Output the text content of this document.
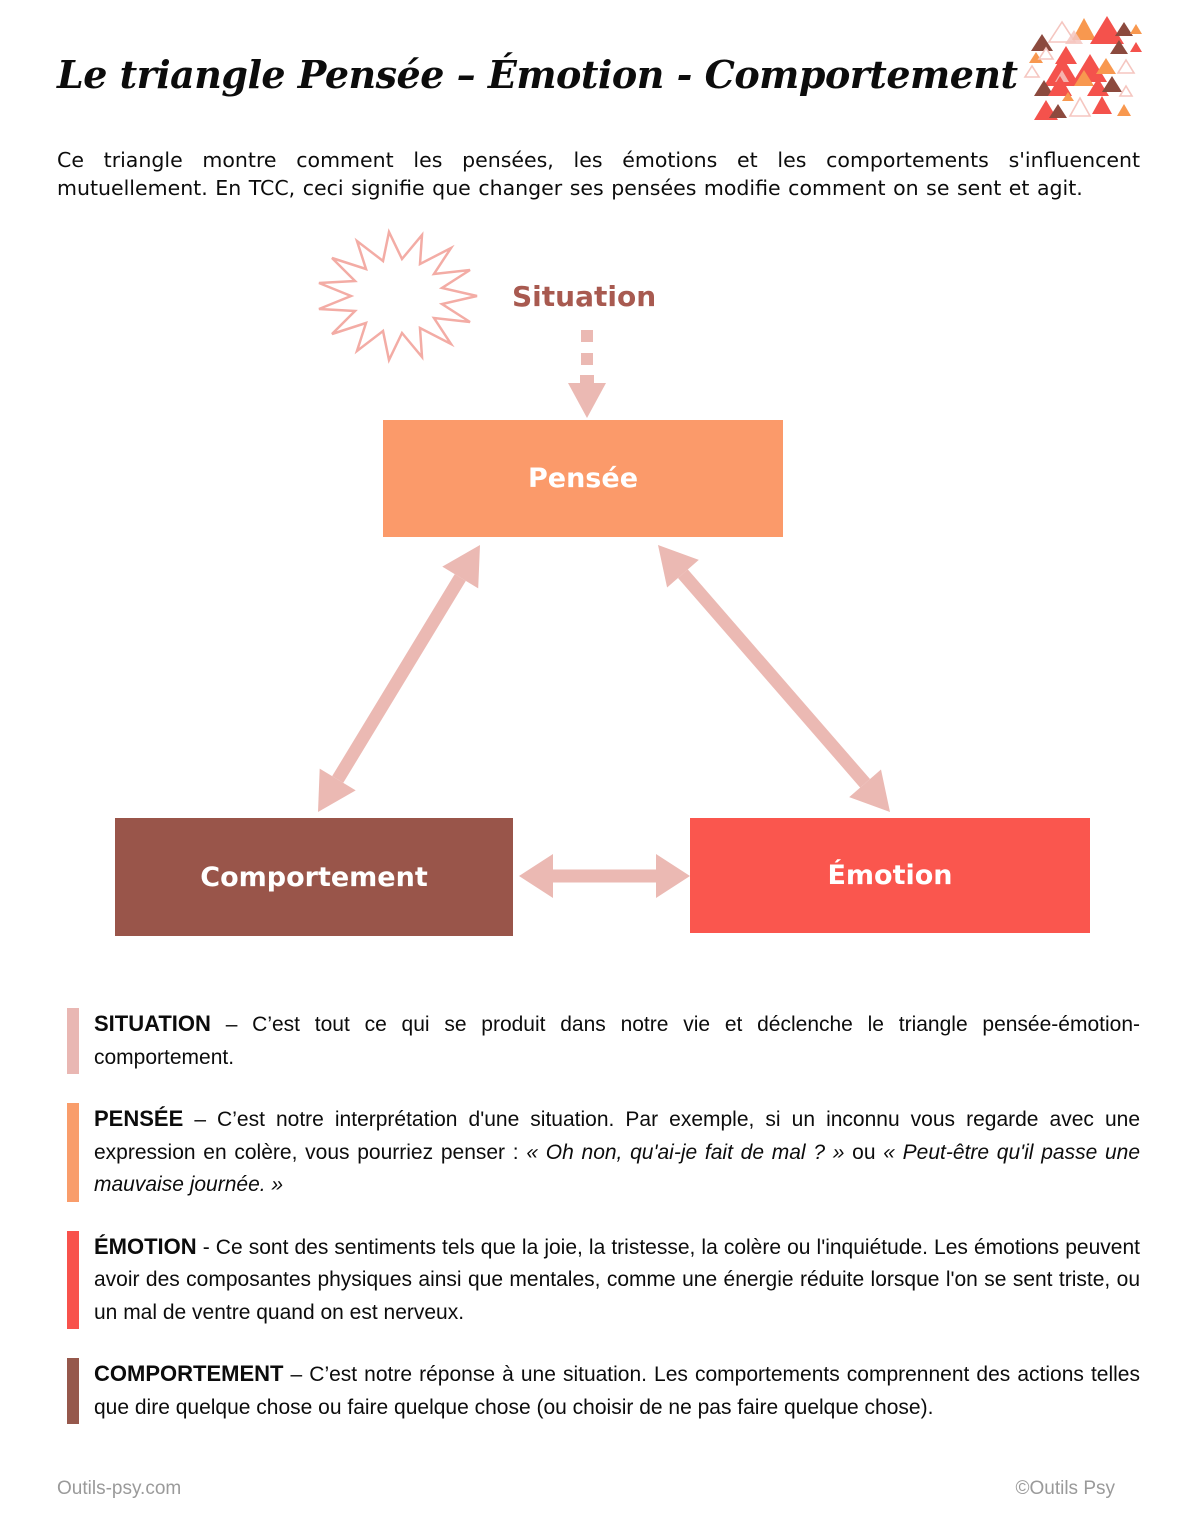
Le triangle Pensée – Émotion - Comportement

Ce triangle montre comment les pensées, les émotions et les comportements s'influencent mutuellement. En TCC, ceci signifie que changer ses pensées modifie comment on se sent et agit.

Situation
Pensée
Comportement	Émotion

SITUATION – C’est tout ce qui se produit dans notre vie et déclenche le triangle pensée-émotion-comportement.

PENSÉE – C’est notre interprétation d'une situation. Par exemple, si un inconnu vous regarde avec une expression en colère, vous pourriez penser : « Oh non, qu'ai-je fait de mal ? » ou « Peut-être qu'il passe une mauvaise journée. »

ÉMOTION - Ce sont des sentiments tels que la joie, la tristesse, la colère ou l'inquiétude. Les émotions peuvent avoir des composantes physiques ainsi que mentales, comme une énergie réduite lorsque l'on se sent triste, ou un mal de ventre quand on est nerveux.

COMPORTEMENT – C’est notre réponse à une situation. Les comportements comprennent des actions telles que dire quelque chose ou faire quelque chose (ou choisir de ne pas faire quelque chose).

Outils-psy.com	©Outils Psy
